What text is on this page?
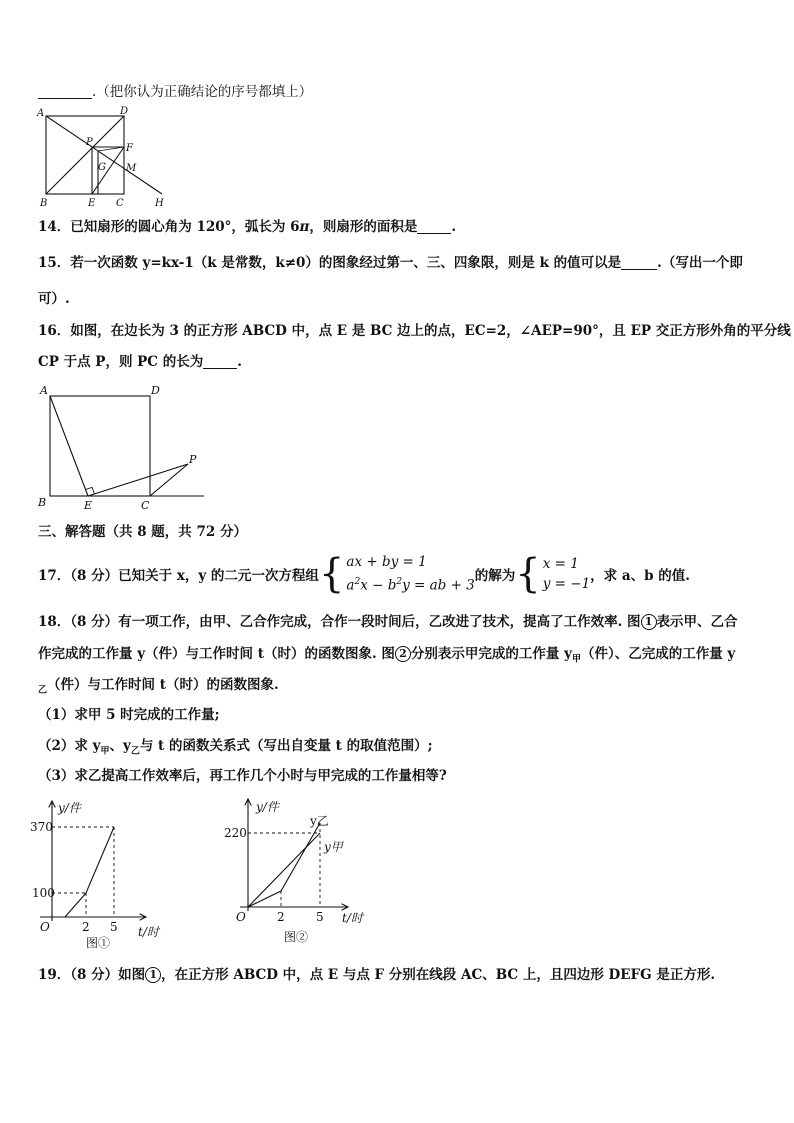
.（把你认为正确结论的序号都填上）
A	D
P
F
G M
B	E C	H
14．已知扇形的圆心角为 120°，弧长为 6π，则扇形的面积是	.
15．若一次函数 y=kx-1（k 是常数，k≠0）的图象经过第一、三、四象限，则是 k 的值可以是	.（写出一个即
可）.
16．如图，在边长为 3 的正方形 ABCD 中，点 E 是 BC 边上的点，EC=2，∠AEP=90°，且 EP 交正方形外角的平分线
CP 于点 P，则 PC 的长为	.
A	D
P
B	E	C
三、解答题（共 8 题，共 72 分）
17．（8 分）已知关于 x，y 的二元一次方程组 { ax + by = 1
$a^2x - b^2y$ = ab + 3
的解为 { x = 1
y = −1 ，求 a、b 的值.
18．（8 分）有一项工作，由甲、乙合作完成，合作一段时间后，乙改进了技术，提高了工作效率. 图 1 表示甲、乙合
作完成的工作量 y（件）与工作时间 t（时）的函数图象. 图 2 分别表示甲完成的工作量 $y_甲$（件）、乙完成的工作量 y
$_乙$（件）与工作时间 t（时）的函数图象.
（1）求甲 5 时完成的工作量;
（2）求 $y_甲$、$y_乙$与 t 的函数关系式（写出自变量 t 的取值范围）;
（3）求乙提高工作效率后，再工作几个小时与甲完成的工作量相等?
y/件
370
100
O	2 5 t/时
图①
y/件
220
y乙
y甲
O	2	5 t/时
图②
19．（8 分）如图 1 ，在正方形 ABCD 中，点 E 与点 F 分别在线段 AC、BC 上，且四边形 DEFG 是正方形.
